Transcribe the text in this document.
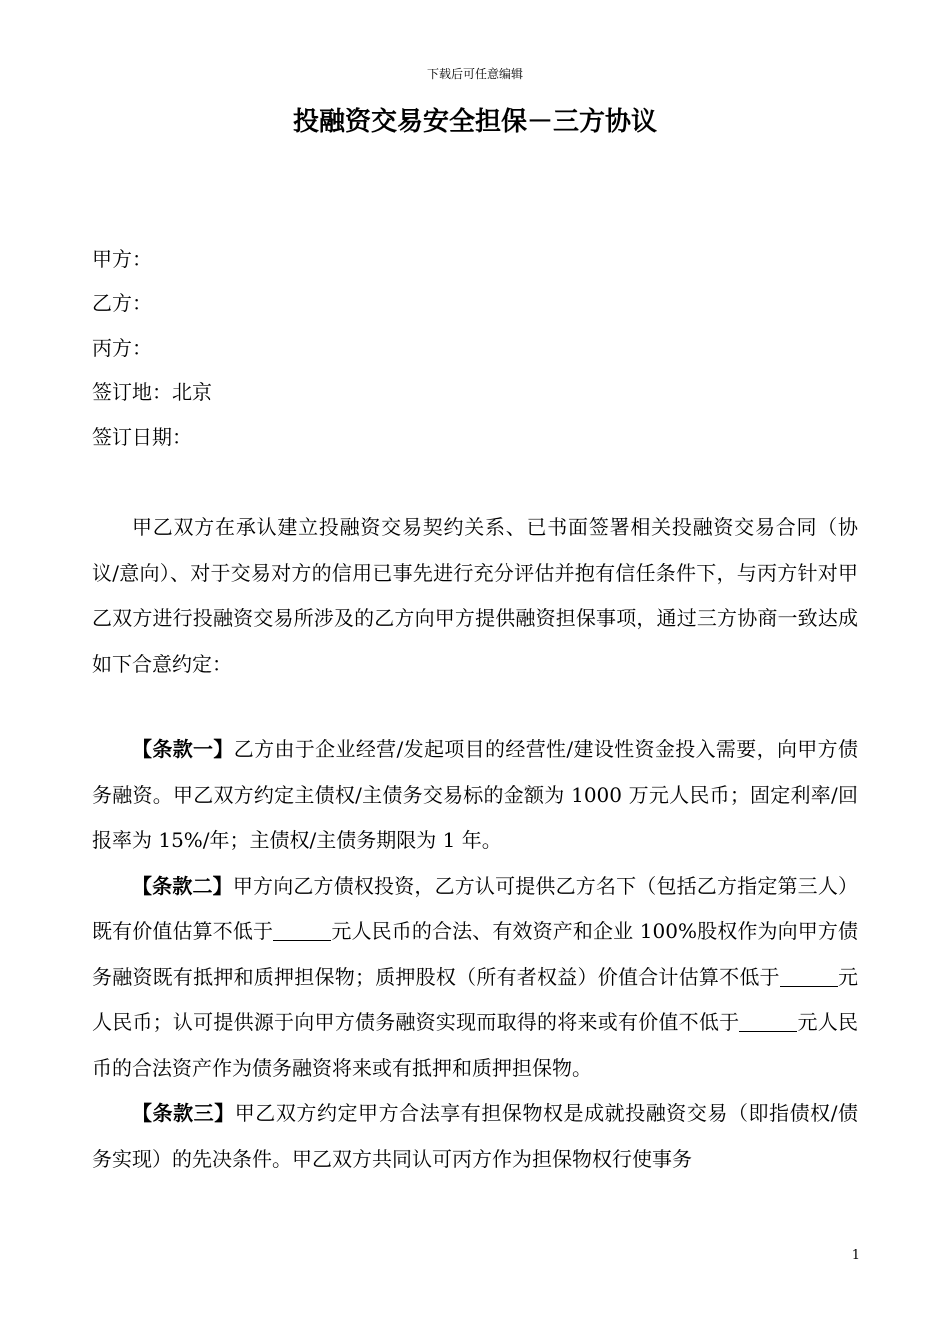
下载后可任意编辑
投融资交易安全担保－三方协议
甲方：
乙方：
丙方：
签订地：北京
签订日期：

甲乙双方在承认建立投融资交易契约关系、已书面签署相关投融资交易合同（协议/意向）、对于交易对方的信用已事先进行充分评估并抱有信任条件下，与丙方针对甲乙双方进行投融资交易所涉及的乙方向甲方提供融资担保事项，通过三方协商一致达成如下合意约定：

【条款一】乙方由于企业经营/发起项目的经营性/建设性资金投入需要，向甲方债务融资。甲乙双方约定主债权/主债务交易标的金额为 1000 万元人民币；固定利率/回报率为 15%/年；主债权/主债务期限为 1 年。

【条款二】甲方向乙方债权投资，乙方认可提供乙方名下（包括乙方指定第三人）既有价值估算不低于	元人民币的合法、有效资产和企业 100%股权作为向甲方债务融资既有抵押和质押担保物；质押股权（所有者权益）价值合计估算不低于	元人民币；认可提供源于向甲方债务融资实现而取得的将来或有价值不低于	元人民币的合法资产作为债务融资将来或有抵押和质押担保物。

【条款三】甲乙双方约定甲方合法享有担保物权是成就投融资交易（即指债权/债务实现）的先决条件。甲乙双方共同认可丙方作为担保物权行使事务

1
